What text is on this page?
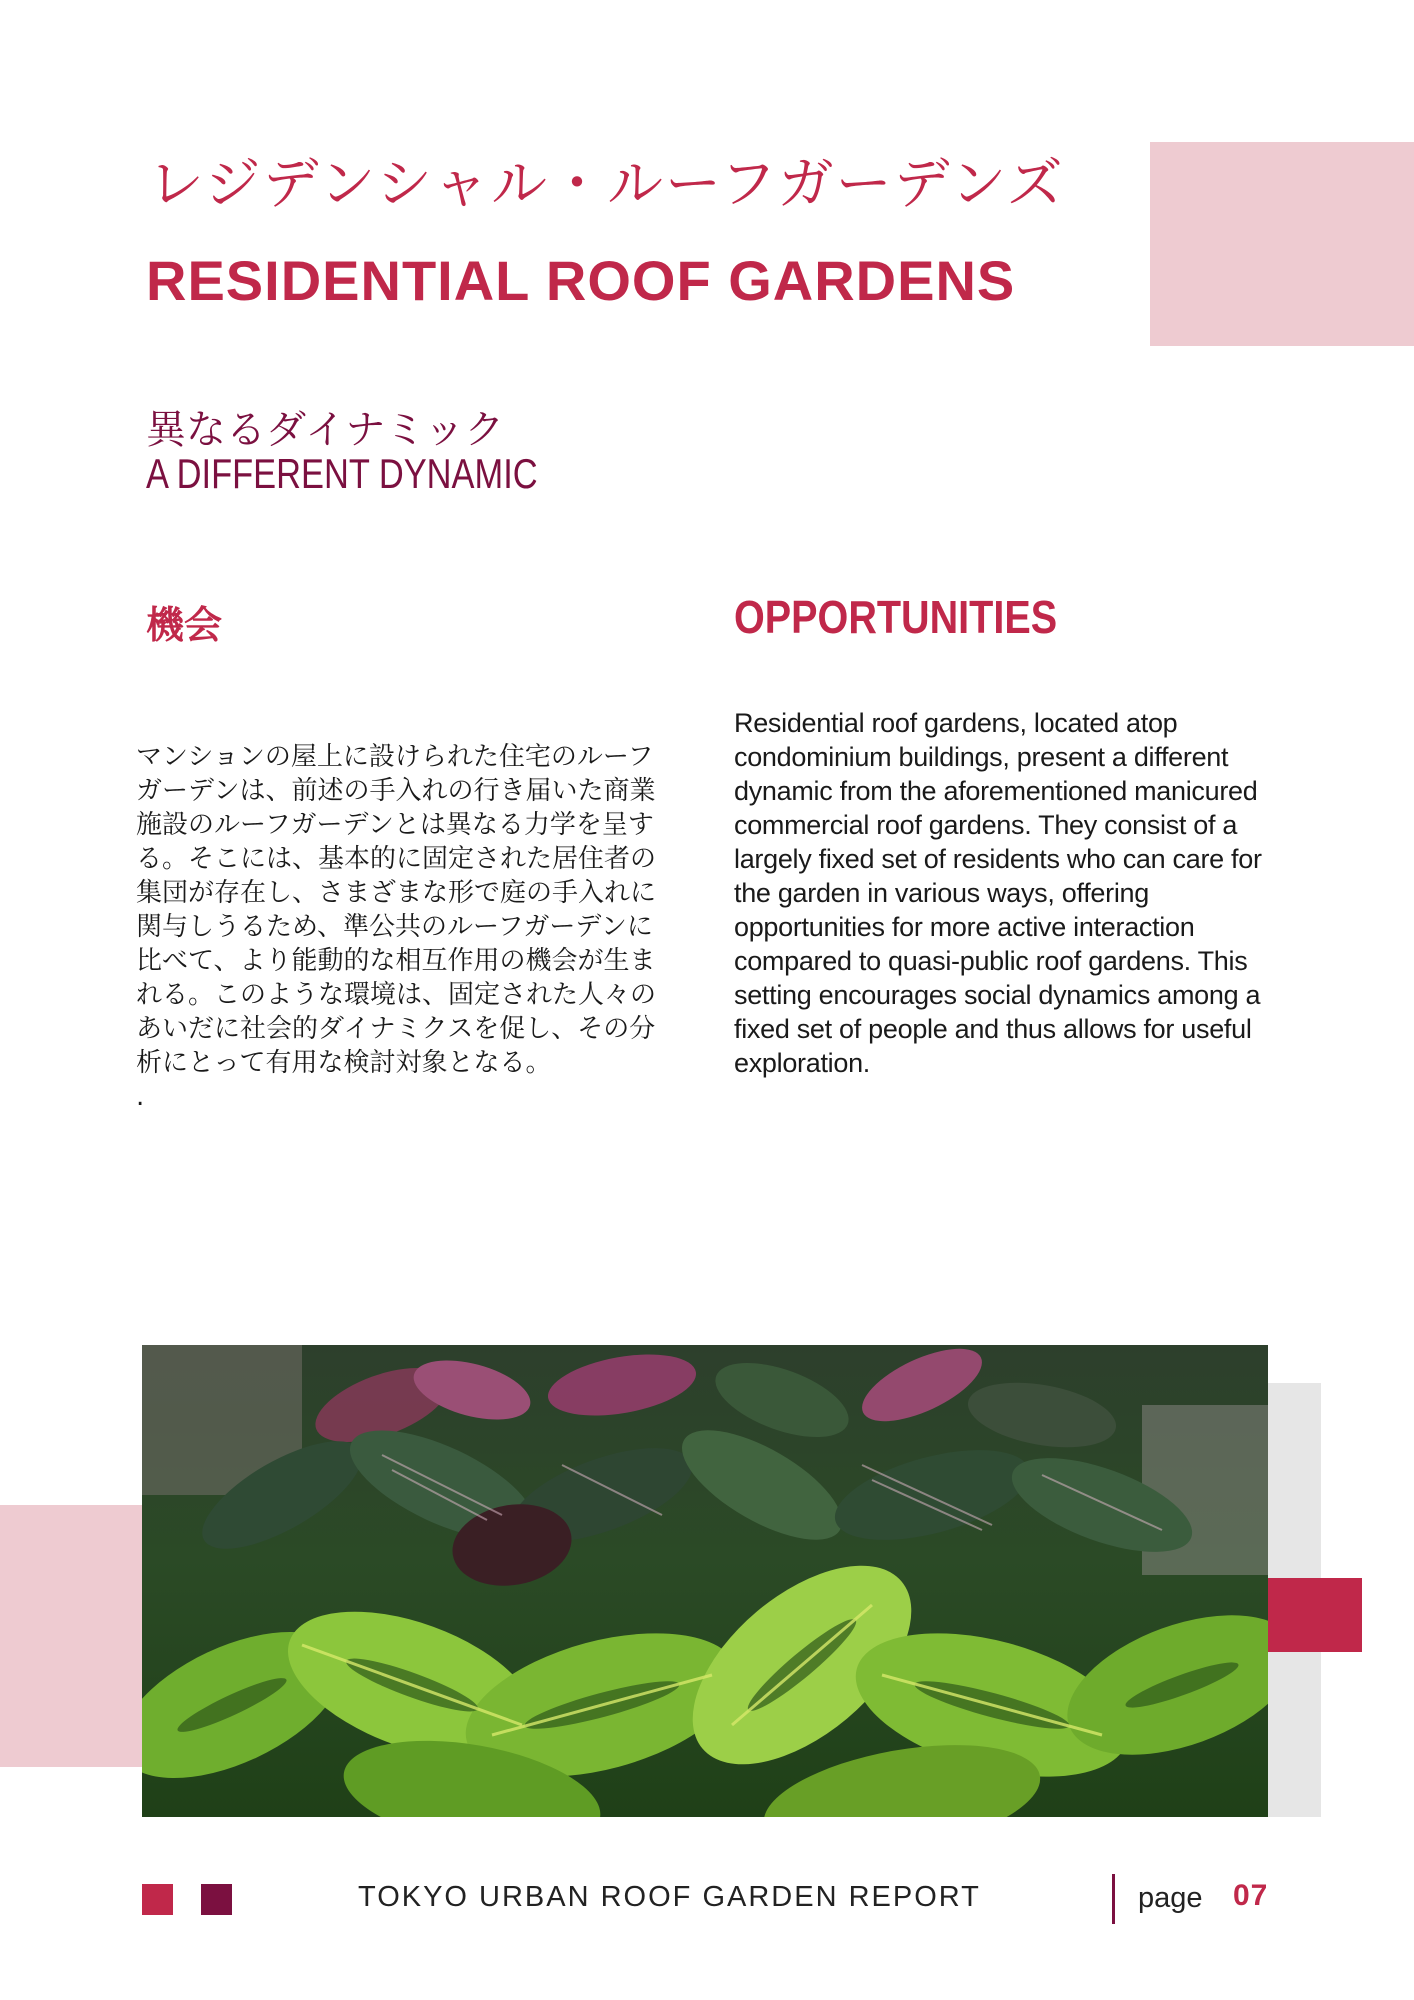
レジデンシャル・ルーフガーデンズ
RESIDENTIAL ROOF GARDENS
異なるダイナミック
A DIFFERENT DYNAMIC
機会	OPPORTUNITIES
マンションの屋上に設けられた住宅のルーフガーデンは、前述の手入れの行き届いた商業施設のルーフガーデンとは異なる力学を呈する。そこには、基本的に固定された居住者の集団が存在し、さまざまな形で庭の手入れに関与しうるため、準公共のルーフガーデンに比べて、より能動的な相互作用の機会が生まれる。このような環境は、固定された人々のあいだに社会的ダイナミクスを促し、その分析にとって有用な検討対象となる。
.
Residential roof gardens, located atop condominium buildings, present a different dynamic from the aforementioned manicured commercial roof gardens. They consist of a largely fixed set of residents who can care for the garden in various ways, offering opportunities for more active interaction compared to quasi-public roof gardens. This setting encourages social dynamics among a fixed set of people and thus allows for useful exploration.
TOKYO URBAN ROOF GARDEN REPORT	page 07
